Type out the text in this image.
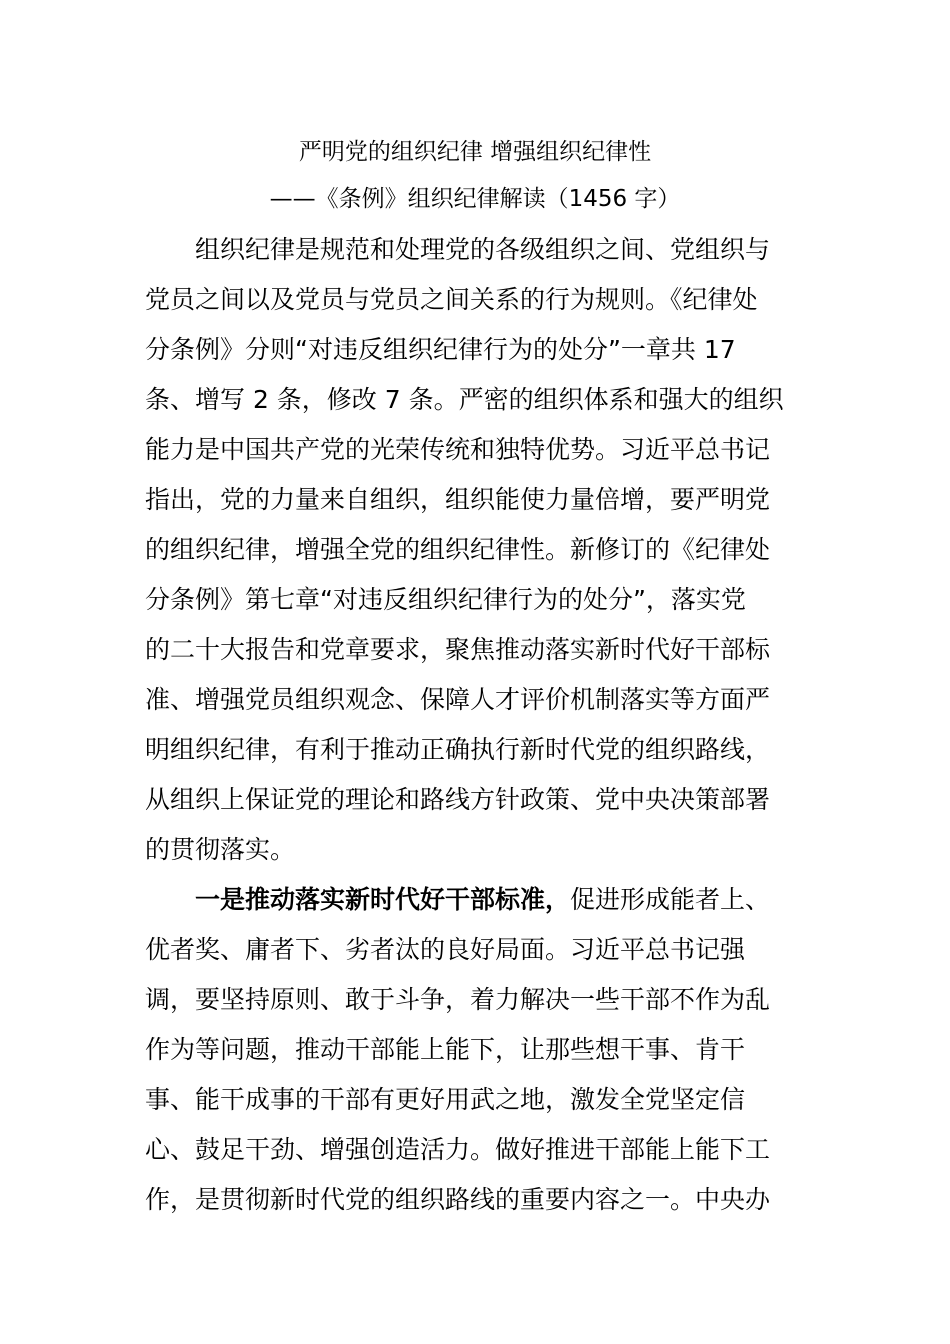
严明党的组织纪律 增强组织纪律性
——《条例》组织纪律解读（1456 字）
组织纪律是规范和处理党的各级组织之间、党组织与
党员之间以及党员与党员之间关系的行为规则。《纪律处
分条例》分则“对违反组织纪律行为的处分”一章共 17
条、增写 2 条，修改 7 条。严密的组织体系和强大的组织
能力是中国共产党的光荣传统和独特优势。习近平总书记
指出，党的力量来自组织，组织能使力量倍增，要严明党
的组织纪律，增强全党的组织纪律性。新修订的《纪律处
分条例》第七章“对违反组织纪律行为的处分”，落实党
的二十大报告和党章要求，聚焦推动落实新时代好干部标
准、增强党员组织观念、保障人才评价机制落实等方面严
明组织纪律，有利于推动正确执行新时代党的组织路线，
从组织上保证党的理论和路线方针政策、党中央决策部署
的贯彻落实。
一是推动落实新时代好干部标准，促进形成能者上、
优者奖、庸者下、劣者汰的良好局面。习近平总书记强
调，要坚持原则、敢于斗争，着力解决一些干部不作为乱
作为等问题，推动干部能上能下，让那些想干事、肯干
事、能干成事的干部有更好用武之地，激发全党坚定信
心、鼓足干劲、增强创造活力。做好推进干部能上能下工
作，是贯彻新时代党的组织路线的重要内容之一。中央办
